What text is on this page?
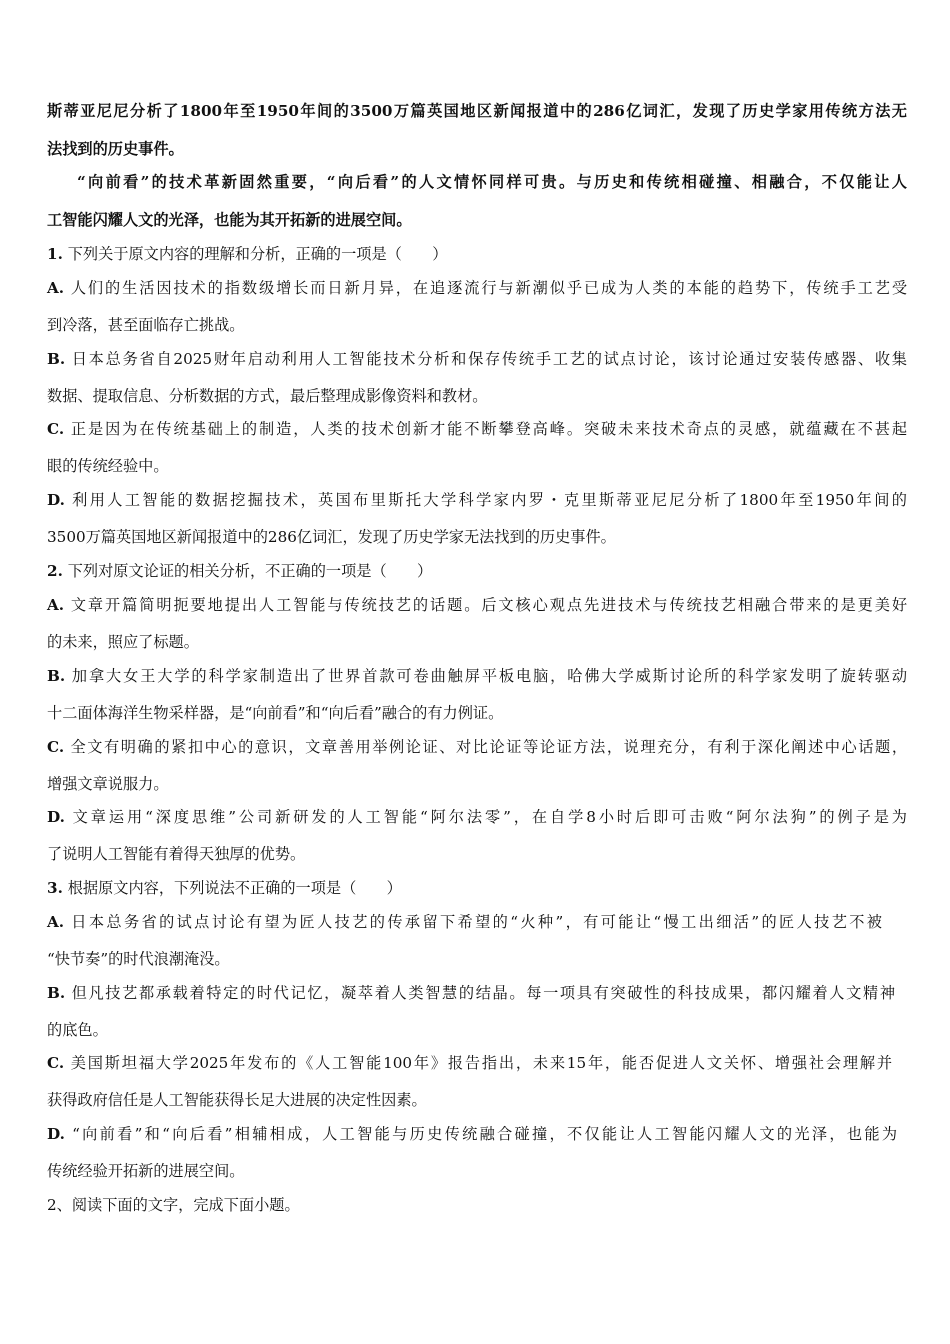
斯蒂亚尼尼分析了1800年至1950年间的3500万篇英国地区新闻报道中的286亿词汇，发现了历史学家用传统方法无
法找到的历史事件。
“向前看”的技术革新固然重要，“向后看”的人文情怀同样可贵。与历史和传统相碰撞、相融合，不仅能让人
工智能闪耀人文的光泽，也能为其开拓新的进展空间。
1. 下列关于原文内容的理解和分析，正确的一项是（　　）
A. 人们的生活因技术的指数级增长而日新月异，在追逐流行与新潮似乎已成为人类的本能的趋势下，传统手工艺受
到冷落，甚至面临存亡挑战。
B. 日本总务省自2025财年启动利用人工智能技术分析和保存传统手工艺的试点讨论，该讨论通过安装传感器、收集
数据、提取信息、分析数据的方式，最后整理成影像资料和教材。
C. 正是因为在传统基础上的制造，人类的技术创新才能不断攀登高峰。突破未来技术奇点的灵感，就蕴藏在不甚起
眼的传统经验中。
D. 利用人工智能的数据挖掘技术，英国布里斯托大学科学家内罗・克里斯蒂亚尼尼分析了1800年至1950年间的
3500万篇英国地区新闻报道中的286亿词汇，发现了历史学家无法找到的历史事件。
2. 下列对原文论证的相关分析，不正确的一项是（　　）
A. 文章开篇简明扼要地提出人工智能与传统技艺的话题。后文核心观点先进技术与传统技艺相融合带来的是更美好
的未来，照应了标题。
B. 加拿大女王大学的科学家制造出了世界首款可卷曲触屏平板电脑，哈佛大学威斯讨论所的科学家发明了旋转驱动
十二面体海洋生物采样器，是“向前看”和“向后看”融合的有力例证。
C. 全文有明确的紧扣中心的意识，文章善用举例论证、对比论证等论证方法，说理充分，有利于深化阐述中心话题，
增强文章说服力。
D. 文章运用“深度思维”公司新研发的人工智能“阿尔法零”，在自学8小时后即可击败“阿尔法狗”的例子是为
了说明人工智能有着得天独厚的优势。
3. 根据原文内容，下列说法不正确的一项是（　　）
A. 日本总务省的试点讨论有望为匠人技艺的传承留下希望的“火种”，有可能让“慢工出细活”的匠人技艺不被
“快节奏”的时代浪潮淹没。
B. 但凡技艺都承载着特定的时代记忆，凝萃着人类智慧的结晶。每一项具有突破性的科技成果，都闪耀着人文精神
的底色。
C. 美国斯坦福大学2025年发布的《人工智能100年》报告指出，未来15年，能否促进人文关怀、增强社会理解并
获得政府信任是人工智能获得长足大进展的决定性因素。
D. “向前看”和“向后看”相辅相成，人工智能与历史传统融合碰撞，不仅能让人工智能闪耀人文的光泽，也能为
传统经验开拓新的进展空间。
2、阅读下面的文字，完成下面小题。
